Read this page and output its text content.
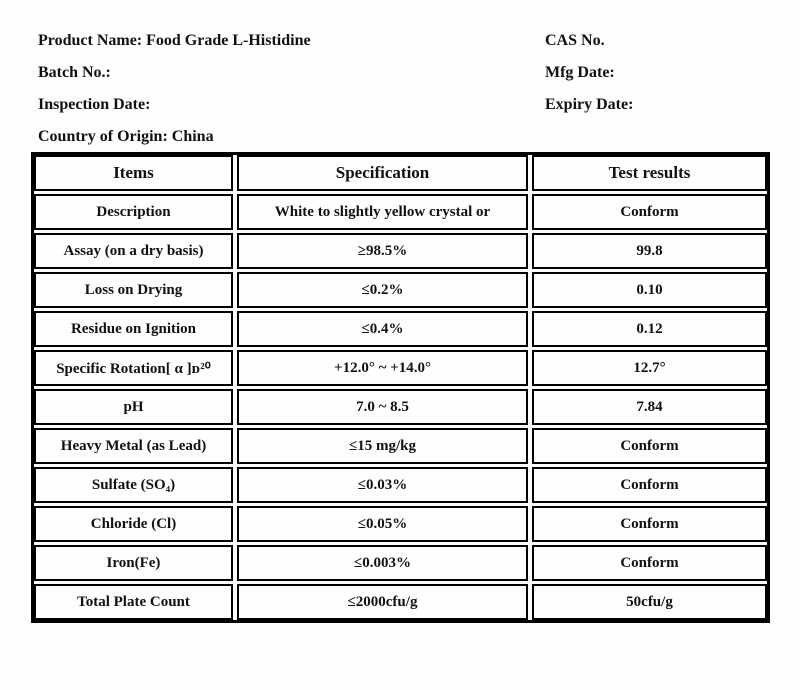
Product Name: Food Grade L-Histidine
Batch No.:
Inspection Date:
Country of Origin: China
CAS No.
Mfg Date:
Expiry Date:
Items	Specification	Test results
Description	White to slightly yellow crystal or	Conform
Assay (on a dry basis)	≥98.5%	99.8
Loss on Drying	≤0.2%	0.10
Residue on Ignition	≤0.4%	0.12
Specific Rotation[ α ]ᴅ²⁰	+12.0° ~ +14.0°	12.7°
pH	7.0 ~ 8.5	7.84
Heavy Metal (as Lead)	≤15 mg/kg	Conform
Sulfate (SO₄)	≤0.03%	Conform
Chloride (Cl)	≤0.05%	Conform
Iron(Fe)	≤0.003%	Conform
Total Plate Count	≤2000cfu/g	50cfu/g
